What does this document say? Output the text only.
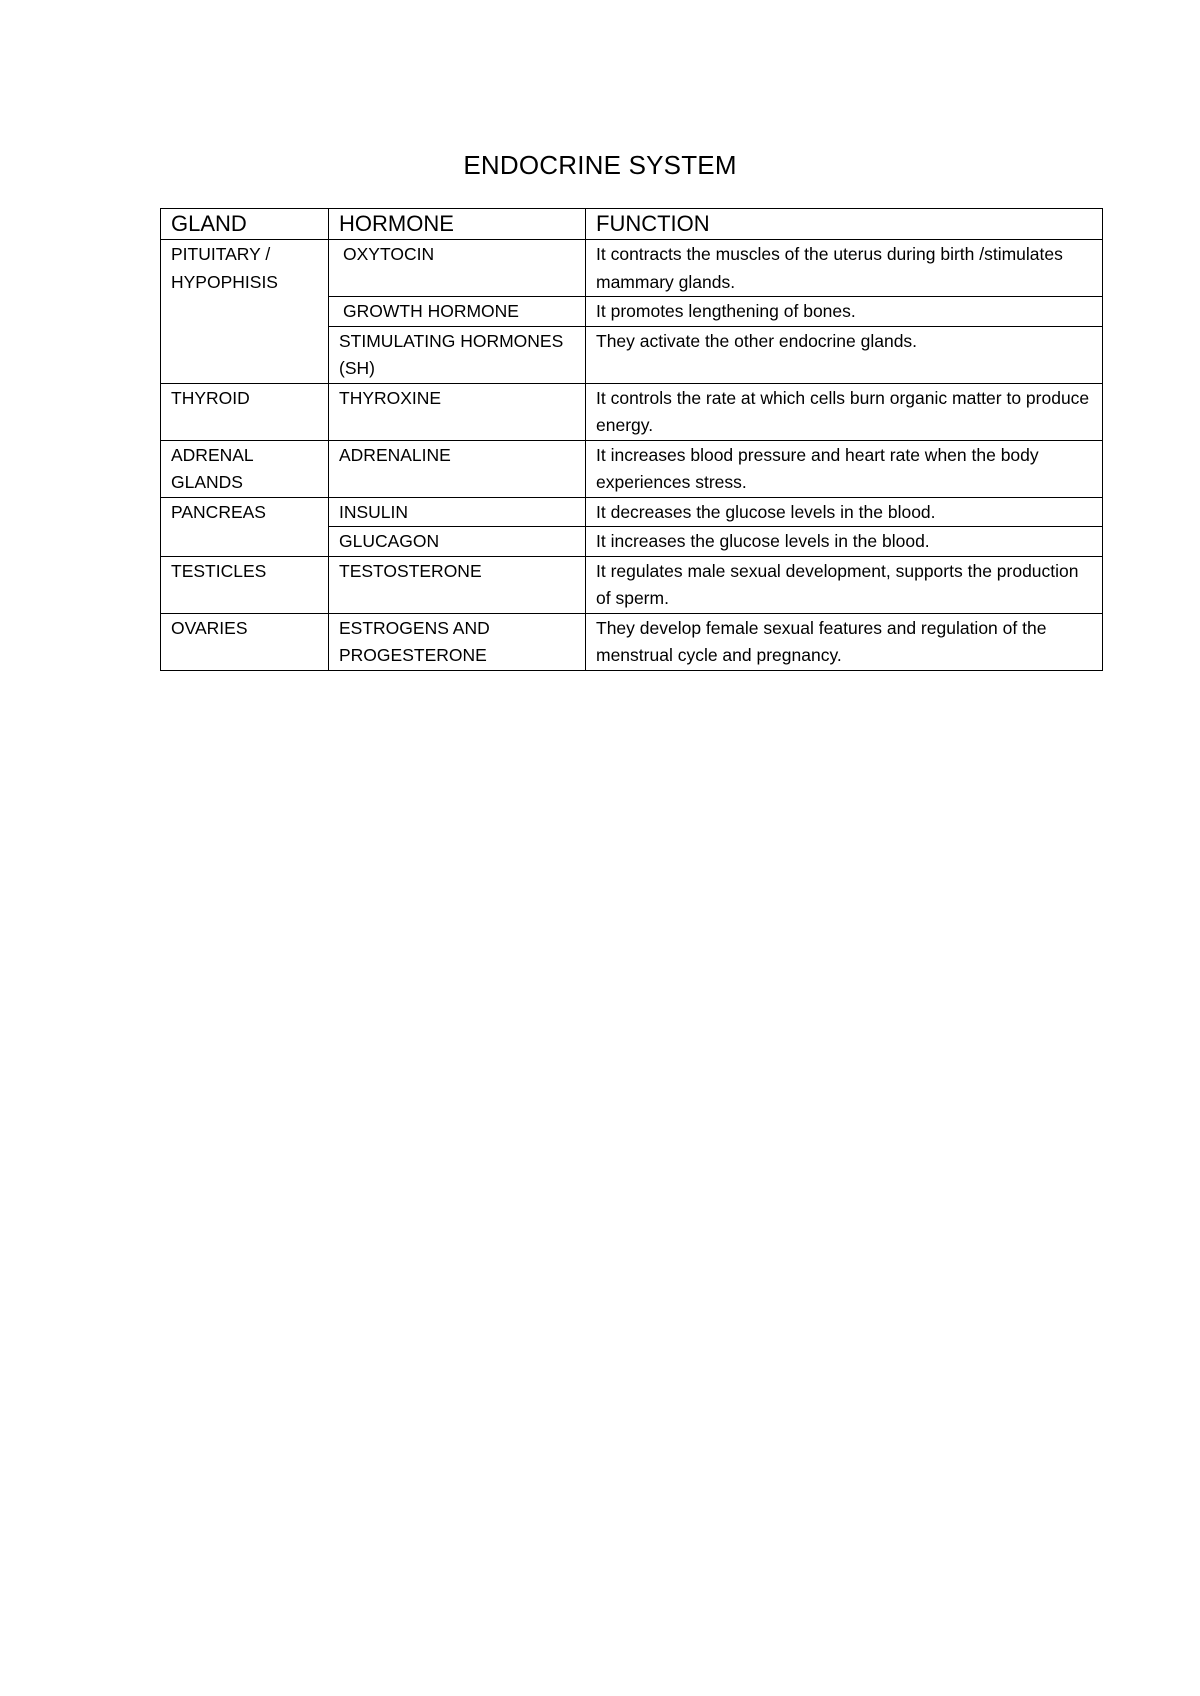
ENDOCRINE SYSTEM
GLAND	HORMONE	FUNCTION
PITUITARY / HYPOPHISIS	OXYTOCIN	It contracts the muscles of the uterus during birth /stimulates mammary glands.
	GROWTH HORMONE	It promotes lengthening of bones.
	STIMULATING HORMONES (SH)	They activate the other endocrine glands.
THYROID	THYROXINE	It controls the rate at which cells burn organic matter to produce energy.
ADRENAL GLANDS	ADRENALINE	It increases blood pressure and heart rate when the body experiences stress.
PANCREAS	INSULIN	It decreases the glucose levels in the blood.
	GLUCAGON	It increases the glucose levels in the blood.
TESTICLES	TESTOSTERONE	It regulates male sexual development, supports the production of sperm.
OVARIES	ESTROGENS AND PROGESTERONE	They develop female sexual features and regulation of the menstrual cycle and pregnancy.
